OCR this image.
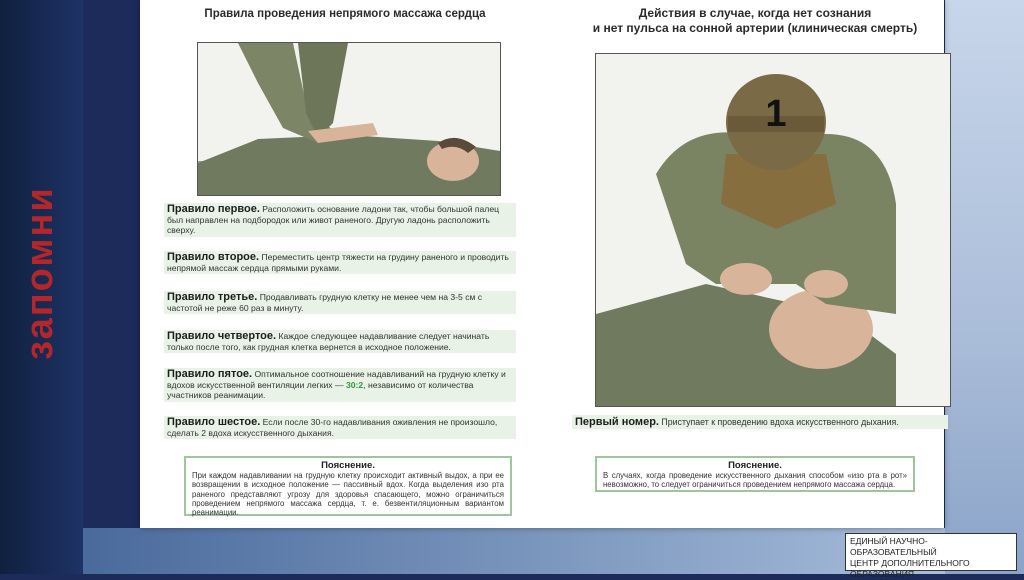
запомни
Правила проведения непрямого массажа сердца	Действия в случае, когда нет сознания
и нет пульса на сонной артерии (клиническая смерть)
Правило первое. Расположить основание ладони так, чтобы большой палец был направлен на подбородок или живот раненого. Другую ладонь расположить сверху.
Правило второе. Переместить центр тяжести на грудину раненого и проводить непрямой массаж сердца прямыми руками.
Правило третье. Продавливать грудную клетку не менее чем на 3-5 см с частотой не реже 60 раз в минуту.
Правило четвертое. Каждое следующее надавливание следует начинать только после того, как грудная клетка вернется в исходное положение.
Правило пятое. Оптимальное соотношение надавливаний на грудную клетку и вдохов искусственной вентиляции легких — 30:2, независимо от количества участников реанимации.
Правило шестое. Если после 30-го надавливания оживления не произошло, сделать 2 вдоха искусственного дыхания.
Пояснение.
При каждом надавливании на грудную клетку происходит активный выдох, а при ее возвращении в исходное положение — пассивный вдох. Когда выделения изо рта раненого представляют угрозу для здоровья спасающего, можно ограничиться проведением непрямого массажа сердца, т. е. безвентиляционным вариантом реанимации.
1
Первый номер. Приступает к проведению вдоха искусственного дыхания.
Пояснение.
В случаях, когда проведение искусственного дыхания способом «изо рта в рот» невозможно, то следует ограничиться проведением непрямого массажа сердца.
ЕДИНЫЙ НАУЧНО-ОБРАЗОВАТЕЛЬНЫЙ
ЦЕНТР ДОПОЛНИТЕЛЬНОГО
ОБРАЗОВАНИЯ
